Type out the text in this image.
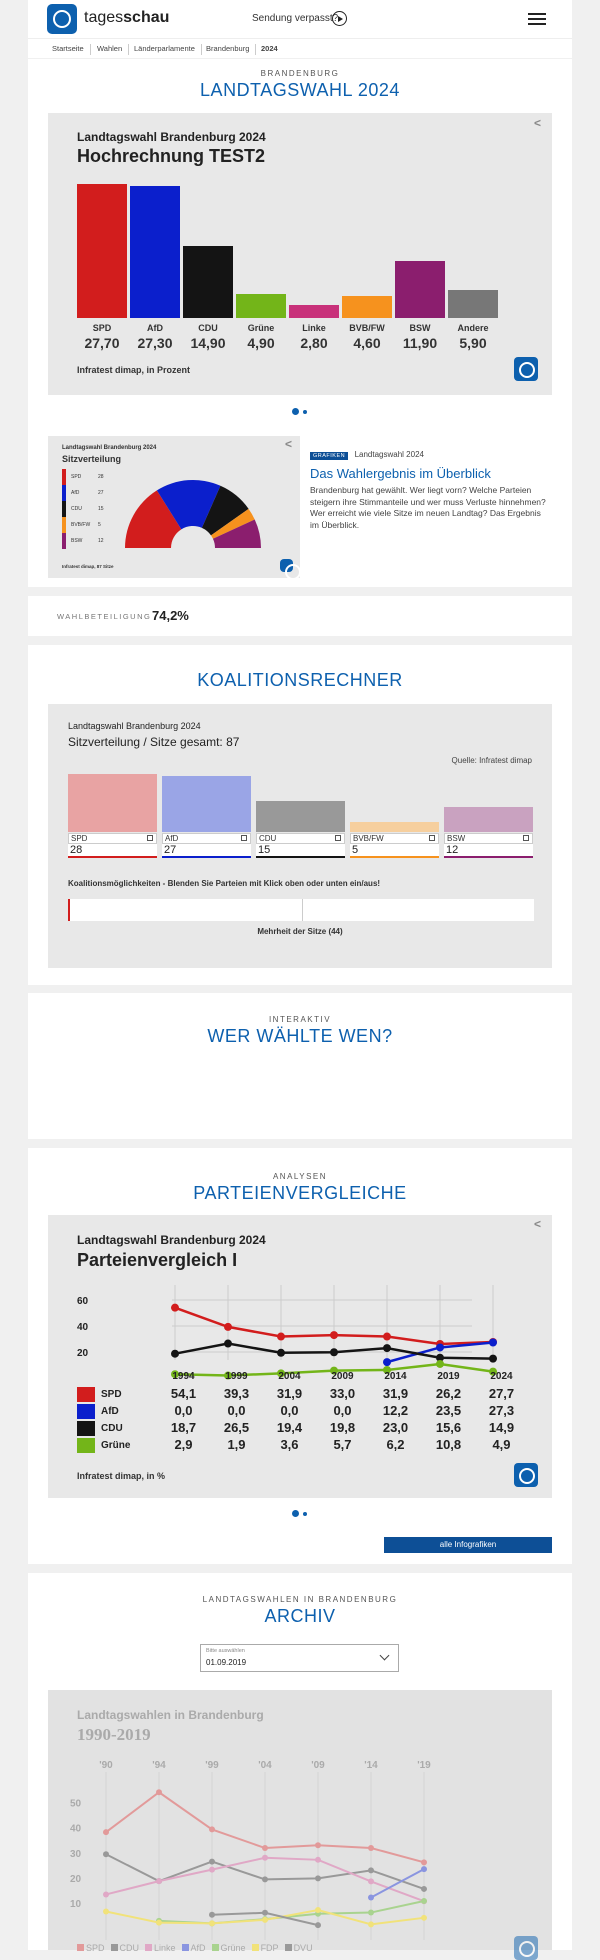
tagesschau	Sendung verpasst?
Startseite	Wahlen	Länderparlamente	Brandenburg	2024
BRANDENBURG
LANDTAGSWAHL 2024
<
Landtagswahl Brandenburg 2024
Hochrechnung TEST2
SPD
27,70
AfD
27,30
CDU
14,90
Grüne
4,90
Linke
2,80
BVB/FW
4,60
BSW
11,90
Andere
5,90
Infratest dimap, in Prozent
<
Landtagswahl Brandenburg 2024
Sitzverteilung
SPD	28
AfD	27
CDU	15
BVB/FW 5
BSW	12
Infratest dimap, 87 Sitze
GRAFIKEN Landtagswahl 2024
Das Wahlergebnis im Überblick
Brandenburg hat gewählt. Wer liegt vorn? Welche Parteien steigern ihre Stimmanteile und wer muss Verluste hinnehmen? Wer erreicht wie viele Sitze im neuen Landtag? Das Ergebnis im Überblick.
WAHLBETEILIGUNG 74,2%
KOALITIONSRECHNER
Landtagswahl Brandenburg 2024
Sitzverteilung / Sitze gesamt: 87
Quelle: Infratest dimap
SPD
28
AfD
27
CDU
15
BVB/FW
5
BSW
12
Koalitionsmöglichkeiten - Blenden Sie Parteien mit Klick oben oder unten ein/aus!
Mehrheit der Sitze (44)
INTERAKTIV
WER WÄHLTE WEN?
ANALYSEN
PARTEIENVERGLEICHE
<
Landtagswahl Brandenburg 2024
Parteienvergleich I
20
40
60
	1994	1999	2004	2009	2014	2019	2024
SPD	54,1	39,3	31,9	33,0	31,9	26,2	27,7
AfD	0,0	0,0	0,0	0,0	12,2	23,5	27,3
CDU	18,7	26,5	19,4	19,8	23,0	15,6	14,9
Grüne	2,9	1,9	3,6	5,7	6,2	10,8	4,9
Infratest dimap, in %
alle Infografiken
LANDTAGSWAHLEN IN BRANDENBURG
ARCHIV
Bitte auswählen
01.09.2019
Landtagswahlen in Brandenburg
1990-2019
'90	'94	'99	'04	'09	'14	'19
10
20
30
40
50
SPD CDU Linke AfD Grüne FDP DVU
